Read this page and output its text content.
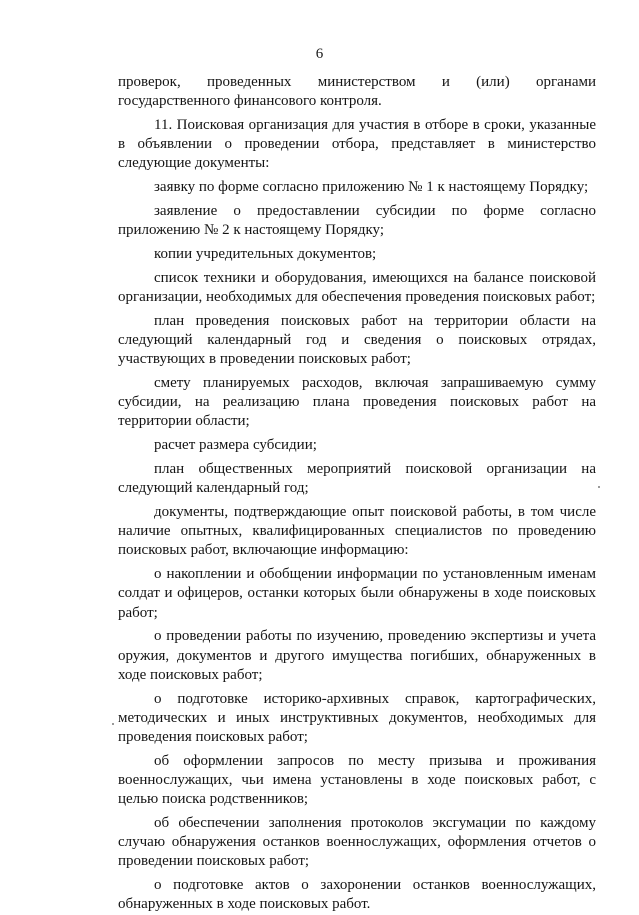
6

проверок, проведенных министерством и (или) органами государственного финансового контроля.

11. Поисковая организация для участия в отборе в сроки, указанные в объявлении о проведении отбора, представляет в министерство следующие документы:

заявку по форме согласно приложению № 1 к настоящему Порядку;

заявление о предоставлении субсидии по форме согласно приложению № 2 к настоящему Порядку;

копии учредительных документов;

список техники и оборудования, имеющихся на балансе поисковой организации, необходимых для обеспечения проведения поисковых работ;

план проведения поисковых работ на территории области на следующий календарный год и сведения о поисковых отрядах, участвующих в проведении поисковых работ;

смету планируемых расходов, включая запрашиваемую сумму субсидии, на реализацию плана проведения поисковых работ на территории области;

расчет размера субсидии;

план общественных мероприятий поисковой организации на следующий календарный год;

документы, подтверждающие опыт поисковой работы, в том числе наличие опытных, квалифицированных специалистов по проведению поисковых работ, включающие информацию:

о накоплении и обобщении информации по установленным именам солдат и офицеров, останки которых были обнаружены в ходе поисковых работ;

о проведении работы по изучению, проведению экспертизы и учета оружия, документов и другого имущества погибших, обнаруженных в ходе поисковых работ;

о подготовке историко-архивных справок, картографических, методических и иных инструктивных документов, необходимых для проведения поисковых работ;

об оформлении запросов по месту призыва и проживания военнослужащих, чьи имена установлены в ходе поисковых работ, с целью поиска родственников;

об обеспечении заполнения протоколов эксгумации по каждому случаю обнаружения останков военнослужащих, оформления отчетов о проведении поисковых работ;

о подготовке актов о захоронении останков военнослужащих, обнаруженных в ходе поисковых работ.
